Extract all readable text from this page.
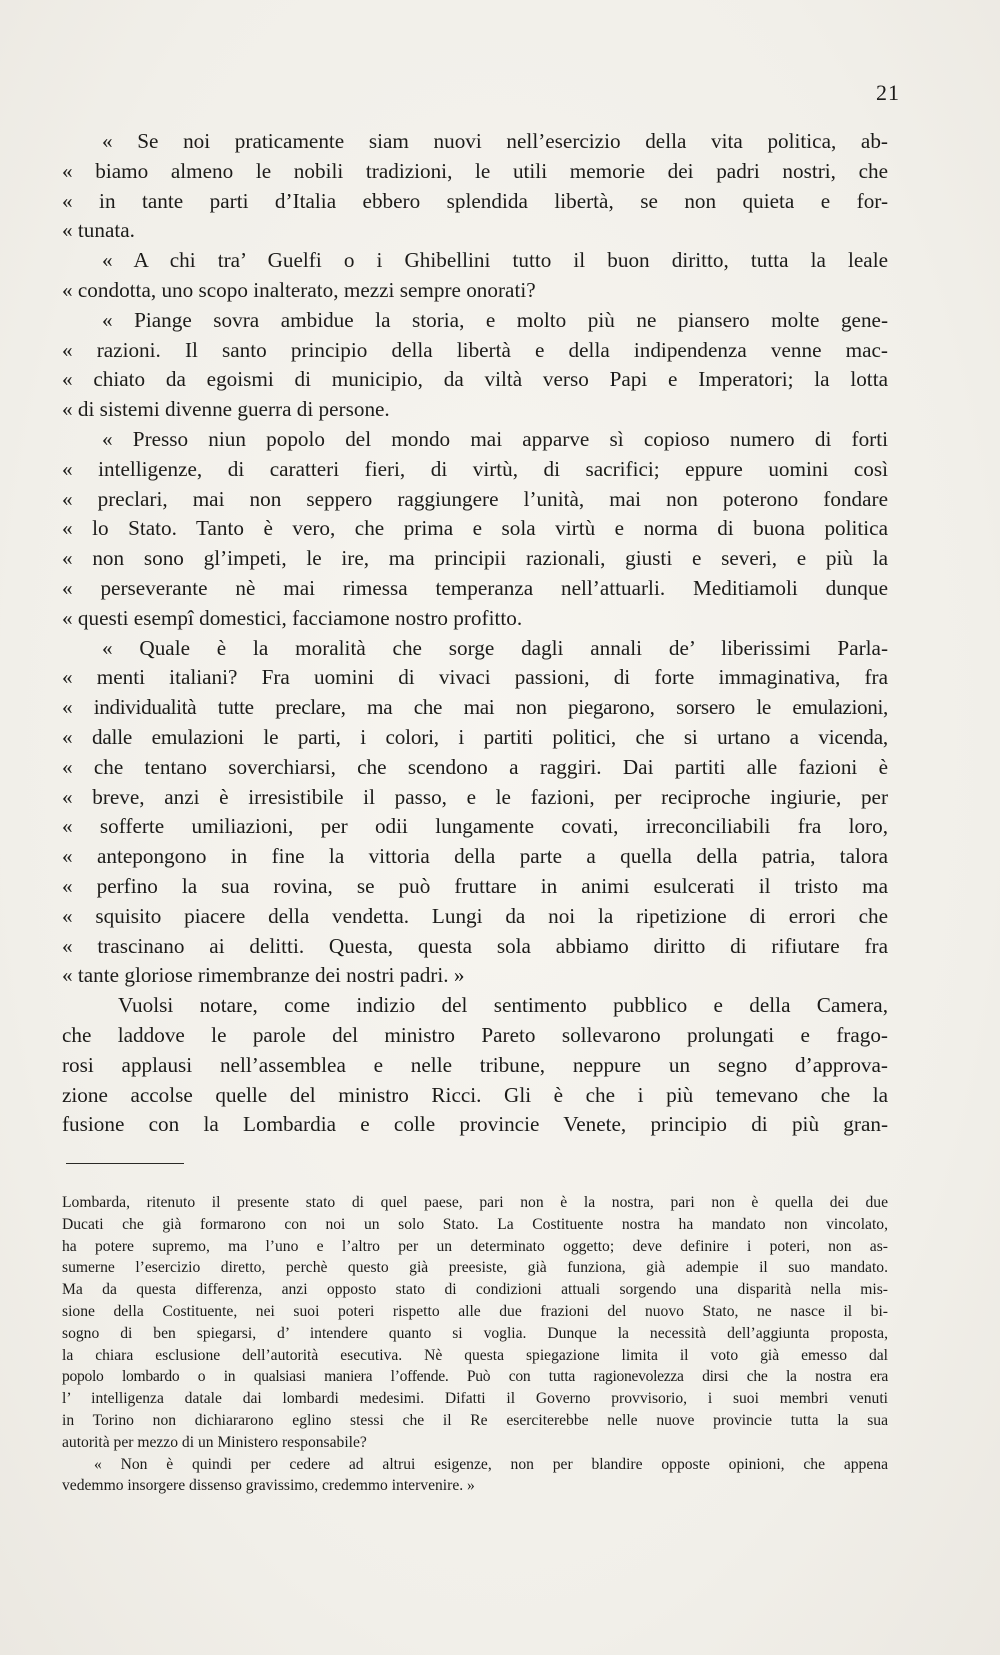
21
« Se noi praticamente siam nuovi nell’esercizio della vita politica, ab-
« biamo almeno le nobili tradizioni, le utili memorie dei padri nostri, che
« in tante parti d’Italia ebbero splendida libertà, se non quieta e for-
« tunata.
« A chi tra’ Guelfi o i Ghibellini tutto il buon diritto, tutta la leale
« condotta, uno scopo inalterato, mezzi sempre onorati?
« Piange sovra ambidue la storia, e molto più ne piansero molte gene-
« razioni. Il santo principio della libertà e della indipendenza venne mac-
« chiato da egoismi di municipio, da viltà verso Papi e Imperatori; la lotta
« di sistemi divenne guerra di persone.
« Presso niun popolo del mondo mai apparve sì copioso numero di forti
« intelligenze, di caratteri fieri, di virtù, di sacrifici; eppure uomini così
« preclari, mai non seppero raggiungere l’unità, mai non poterono fondare
« lo Stato. Tanto è vero, che prima e sola virtù e norma di buona politica
« non sono gl’impeti, le ire, ma principii razionali, giusti e severi, e più la
« perseverante nè mai rimessa temperanza nell’attuarli. Meditiamoli dunque
« questi esempî domestici, facciamone nostro profitto.
« Quale è la moralità che sorge dagli annali de’ liberissimi Parla-
« menti italiani? Fra uomini di vivaci passioni, di forte immaginativa, fra
« individualità tutte preclare, ma che mai non piegarono, sorsero le emulazioni,
« dalle emulazioni le parti, i colori, i partiti politici, che si urtano a vicenda,
« che tentano soverchiarsi, che scendono a raggiri. Dai partiti alle fazioni è
« breve, anzi è irresistibile il passo, e le fazioni, per reciproche ingiurie, per
« sofferte umiliazioni, per odii lungamente covati, irreconciliabili fra loro,
« antepongono in fine la vittoria della parte a quella della patria, talora
« perfino la sua rovina, se può fruttare in animi esulcerati il tristo ma
« squisito piacere della vendetta. Lungi da noi la ripetizione di errori che
« trascinano ai delitti. Questa, questa sola abbiamo diritto di rifiutare fra
« tante gloriose rimembranze dei nostri padri. »
Vuolsi notare, come indizio del sentimento pubblico e della Camera,
che laddove le parole del ministro Pareto sollevarono prolungati e frago-
rosi applausi nell’assemblea e nelle tribune, neppure un segno d’approva-
zione accolse quelle del ministro Ricci. Gli è che i più temevano che la
fusione con la Lombardia e colle provincie Venete, principio di più gran-
Lombarda, ritenuto il presente stato di quel paese, pari non è la nostra, pari non è quella dei due
Ducati che già formarono con noi un solo Stato. La Costituente nostra ha mandato non vincolato,
ha potere supremo, ma l’uno e l’altro per un determinato oggetto; deve definire i poteri, non as-
sumerne l’esercizio diretto, perchè questo già preesiste, già funziona, già adempie il suo mandato.
Ma da questa differenza, anzi opposto stato di condizioni attuali sorgendo una disparità nella mis-
sione della Costituente, nei suoi poteri rispetto alle due frazioni del nuovo Stato, ne nasce il bi-
sogno di ben spiegarsi, d’ intendere quanto si voglia. Dunque la necessità dell’aggiunta proposta,
la chiara esclusione dell’autorità esecutiva. Nè questa spiegazione limita il voto già emesso dal
popolo lombardo o in qualsiasi maniera l’offende. Può con tutta ragionevolezza dirsi che la nostra era
l’ intelligenza datale dai lombardi medesimi. Difatti il Governo provvisorio, i suoi membri venuti
in Torino non dichiararono eglino stessi che il Re eserciterebbe nelle nuove provincie tutta la sua
autorità per mezzo di un Ministero responsabile?
« Non è quindi per cedere ad altrui esigenze, non per blandire opposte opinioni, che appena
vedemmo insorgere dissenso gravissimo, credemmo intervenire. »
